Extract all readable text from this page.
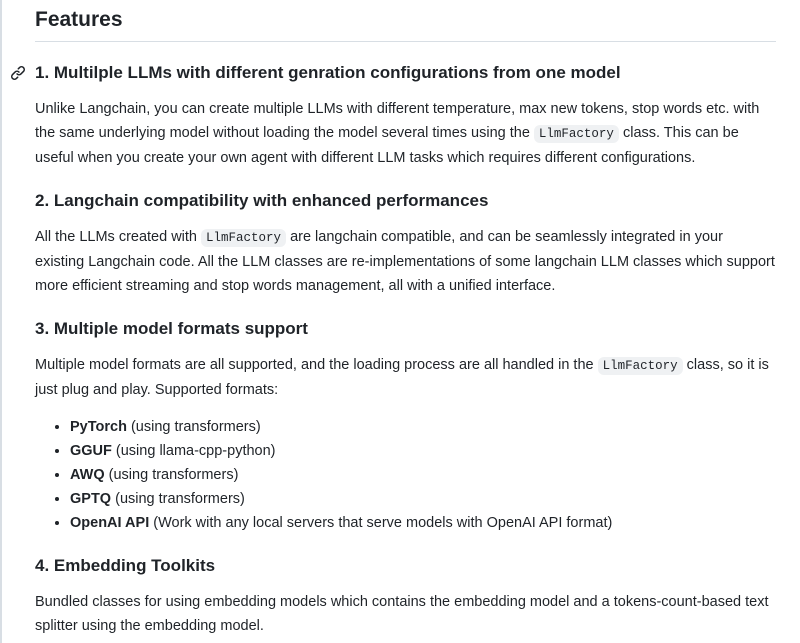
Features
1. Multilple LLMs with different genration configurations from one model

Unlike Langchain, you can create multiple LLMs with different temperature, max new tokens, stop words etc. with the same underlying model without loading the model several times using the LlmFactory class. This can be useful when you create your own agent with different LLM tasks which requires different configurations.

2. Langchain compatibility with enhanced performances

All the LLMs created with LlmFactory are langchain compatible, and can be seamlessly integrated in your existing Langchain code. All the LLM classes are re-implementations of some langchain LLM classes which support more efficient streaming and stop words management, all with a unified interface.

3. Multiple model formats support

Multiple model formats are all supported, and the loading process are all handled in the LlmFactory class, so it is just plug and play. Supported formats:

• PyTorch (using transformers)
• GGUF (using llama-cpp-python)
• AWQ (using transformers)
• GPTQ (using transformers)
• OpenAI API (Work with any local servers that serve models with OpenAI API format)
4. Embedding Toolkits

Bundled classes for using embedding models which contains the embedding model and a tokens-count-based text splitter using the embedding model.
